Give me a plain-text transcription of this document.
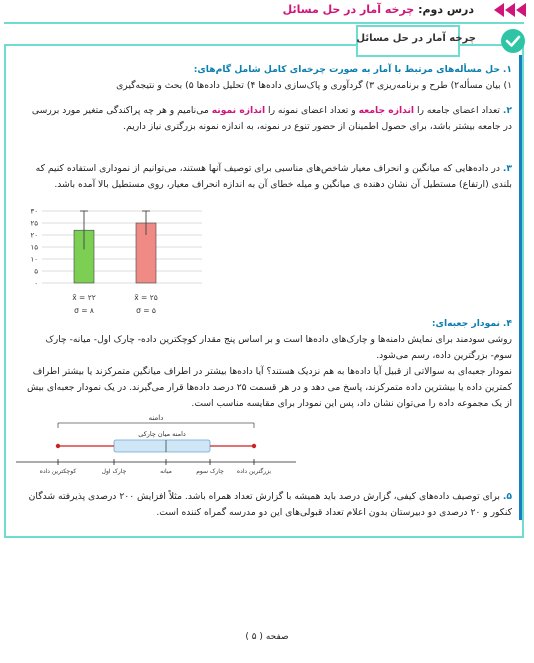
درس دوم: چرخه آمار در حل مسائل
چرخه آمار در حل مسائل
۱. حل مسأله‌های مرتبط با آمار به صورت چرخه‌ای کامل شامل گام‌های:
۱) بیان مسأله۲) طرح و برنامه‌ریزی ۳) گردآوری و پاک‌سازی داده‌ها ۴) تحلیل داده‌ها ۵) بحث و نتیجه‌گیری
۲. تعداد اعضای جامعه را اندازه جامعه و تعداد اعضای نمونه را اندازه نمونه می‌نامیم و هر چه پراکندگی متغیر مورد بررسی در جامعه بیشتر باشد، برای حصول اطمینان از حضور تنوع در نمونه، به اندازه نمونه بزرگتری نیاز داریم.
۳. در داده‌هایی که میانگین و انحراف معیار شاخص‌های مناسبی برای توصیف آنها هستند، می‌توانیم از نموداری استفاده کنیم که بلندی (ارتفاع) مستطیل آن نشان دهنده ی میانگین و میله خطای آن به اندازه انحراف معیار، روی مستطیل بالا آمده باشد.
۳۰
۲۵
۲۰
۱۵
۱۰
۵
۰
x̄ = ۲۲
σ = ۸
x̄ = ۲۵
σ = ۵
۴. نمودار جعبه‌ای:
روشی سودمند برای نمایش دامنه‌ها و چارک‌های داده‌ها است و بر اساس پنج مقدار کوچکترین داده- چارک اول- میانه- چارک سوم- بزرگترین داده، رسم می‌شود.
نمودار جعبه‌ای به سوالاتی از قبیل آیا داده‌ها به هم نزدیک هستند؟ آیا داده‌ها بیشتر در اطراف میانگین متمرکزند یا بیشتر اطراف کمترین داده یا بیشترین داده متمرکزند، پاسخ می دهد و در هر قسمت ۲۵ درصد داده‌ها قرار می‌گیرند. در یک نمودار جعبه‌ای بیش از یک مجموعه داده را می‌توان نشان داد، پس این نمودار برای مقایسه مناسب است.
دامنه
دامنه میان چارکی
کوچکترین داده	چارک اول	میانه	چارک سوم بزرگترین داده
۵. برای توصیف داده‌های کیفی، گزارش درصد باید همیشه با گزارش تعداد همراه باشد. مثلاً افزایش ۲۰۰ درصدی پذیرفته شدگان کنکور و ۲۰ درصدی دو دبیرستان بدون اعلام تعداد قبولی‌های این دو مدرسه گمراه کننده است.
صفحه ( ۵ )
